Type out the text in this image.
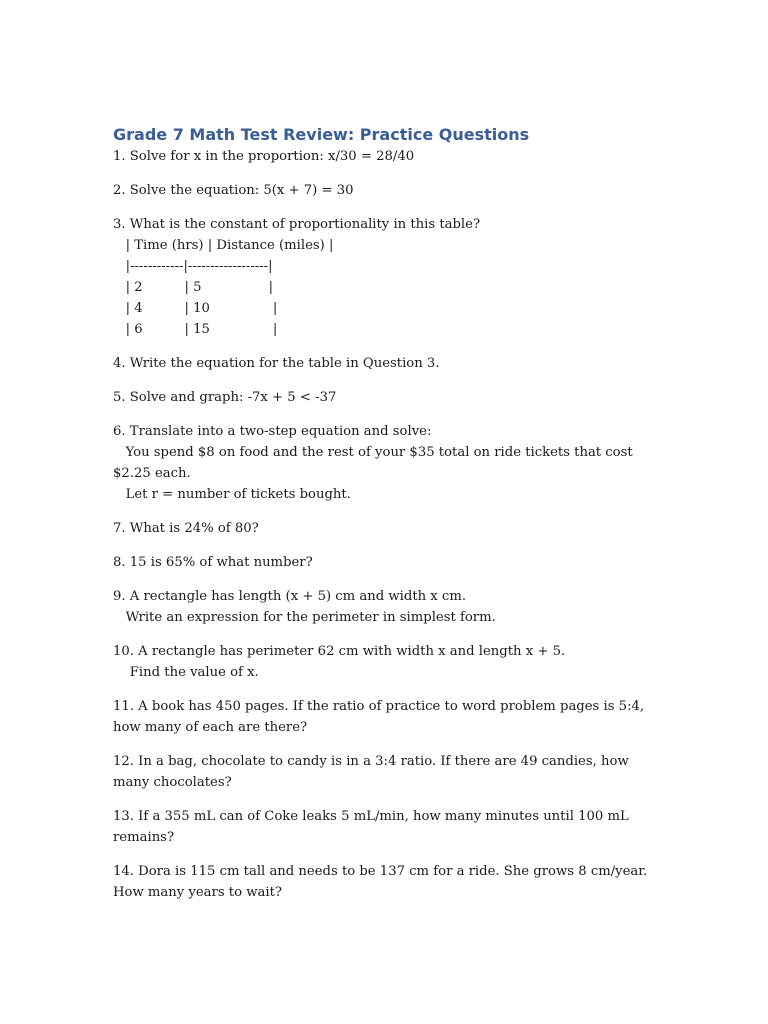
Grade 7 Math Test Review: Practice Questions

1. Solve for x in the proportion: x/30 = 28/40

2. Solve the equation: 5(x + 7) = 30

3. What is the constant of proportionality in this table?

| Time (hrs) | Distance (miles) |

|------------|------------------|

| 2          | 5                |

| 4          | 10               |

| 6          | 15               |

4. Write the equation for the table in Question 3.

5. Solve and graph: -7x + 5 < -37

6. Translate into a two-step equation and solve:

You spend $8 on food and the rest of your $35 total on ride tickets that cost $2.25 each.

Let r = number of tickets bought.

7. What is 24% of 80?

8. 15 is 65% of what number?

9. A rectangle has length (x + 5) cm and width x cm.

Write an expression for the perimeter in simplest form.

10. A rectangle has perimeter 62 cm with width x and length x + 5.

Find the value of x.

11. A book has 450 pages. If the ratio of practice to word problem pages is 5:4, how many of each are there?

12. In a bag, chocolate to candy is in a 3:4 ratio. If there are 49 candies, how many chocolates?

13. If a 355 mL can of Coke leaks 5 mL/min, how many minutes until 100 mL remains?

14. Dora is 115 cm tall and needs to be 137 cm for a ride. She grows 8 cm/year. How many years to wait?
